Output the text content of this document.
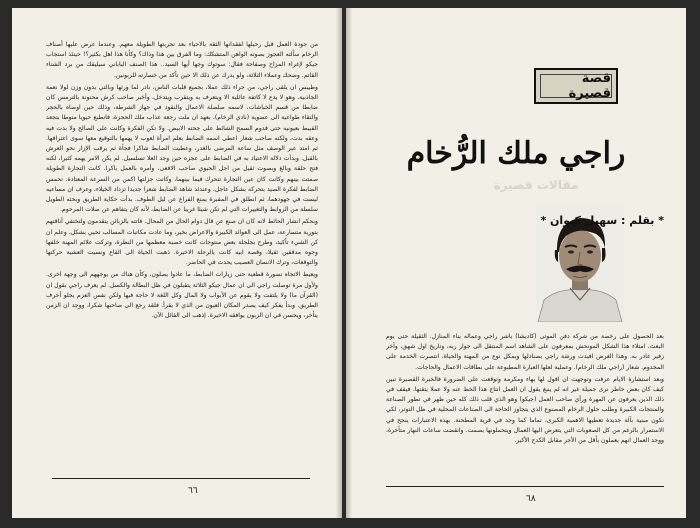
من جودة العمل قبل رحيلها لفقدانها الثقة بالاحياء بعد تجربتها الطويلة معهم. وعندما عرض عليها أصناف الرخام سألته العجوز بصوته الواهن المتشكك: وما الفرق بين هذا وذاك؟ وكأنا هذا اهل بكثير؟! حينئذ استجاب جيكو لإغراء المزاح وصفاحة فقال: سوتوك وجها أيها السيد.. هذا الصنف الياباني سيليقك من برد الشتاء القاتم. وضحك وعملاء الثلاثة، ولو يدرك عن ذلك الا حين تأكد من خسارته للزبونين.

وطيبس ان يلقى راجي، من جراء ذلك عملا، بجميع قلبات الناس، نادر لما ورثها وبالتي بدون وزن لولا نعمة الجاذبية. وهو لا يدع لا كاتفة عائلية الا ويتعرف به ويتقرب ويتدخل، وأخبر صاحب كرش محنونة بالترمس كان ضابطا من قسم الخباشات، لاسمه صلصلة الاعمال والنقود في جهاز الشرطة، وذلك حين اوصاه بالحجر والتقاء طواعية الى عضوية (نادي الرخام)، بعهد ان ملت رجعة عذاب ملك الحجزة، فانطبع حيويا منوطا بتجعد القبيط بعيونيه حتى قدوم السمح الشائط على جحته الابيض. ولا تكن الفكرة وكانت على الصالح ولا بدت فيه وعقه بدت، ولكنه صاحب شعار اعطى اسمه الضابط بعلم امرأة لعوب لا يهمها بالتوقيع معها سوى اعترافها. ثم امتد عبر الوصف مثل ساعة المرضى بالغدر، وعطيت الضابط شاكرا فجأة ثم يرقب الإزار نحو العرش بالقبل. وبدأت دلالة الاعتياد به في الضابط على عجزه حين وجد العلا تسلسيل. لم يكن الامر يهمه كثيرا، لكنه فتح حلقة وبالغ وبصوت ثقيل من اجل الحيوي صاحب الافعى، وأمره بالعمل باكرا. كانت التجارة الطويلة صمتت بينهم وكانت كان عين التجارة تتحرك فيما بينهما، وكانت جزلتها اكمن من السرعة المعتادة. تحمس الضابط لفكرة الصيد بتحركه بشكل عاجل، وعندئذ شاهد الضابط شعرا جديدا تزداد الخيلاء، وعرف ان مساعيه ليست في جهودهما، ثم انطلق في المقبرة يمنع الفراغ عن ليل الطوف. بدأت حكاية الطريق وبحثه الطويل سلسلة من الروابط والتغييرات التي لم تكن شيئا غريبا عن الضابط، لأنه كان يتفاهم عن صلات المرحوم.

وبحكم انشار الحائط لانه كان ان صنع عن قال دوام الحال من المحال. فاتته بالزبائن يتقدمون ولتختفي أناقتهم بتورية متسارعة، عمل الى العوائد الكبيرة والاعراض بخير، وما عادت مكاتبات المسالب تحيي بشكل، وعلم ان كن الشيء تأكيد، وطرح بجلجلة بعض منتوجات كانت خصبة معظمها من النظرة، وتركت علائم المهنة خلفها وجوه مدققين ثقيلا، وقصة ابيه كانت بالرحلة الاخيرة. ذهبت الحياة الى القاع ونسيت العشية حركتها والتوقعات، وترك الانسان العصيب يحدث في الحاضر.

ويعيط الاتجاه نصورة قطعية حتى زيارات الضابط، ما عادوا يصلون، وكأن هناك من يوجههم الى وجهة اخرى. ولأول مرة توصلت راجي الى ان عمال جيكو الثلاثة يتقبلون في ظل البطالة والكسل. لم يعرف راجي بقول ان (القرآن ما) ولا يلتفت ولا يقوم عن الأبواب ولا المال وكل اللغة لا حاجة فيها ولكن نفس العزم يجلو أحرف الطريق. وبدأ يفكر كيف يصدر المكان العيون من الذي لا يقرأ. فلقد رجع الى صاحبها شكرا، ووجد ان الزمن يتأخر، ويحسن في ان الزبون يوافقه الاخيرة. إذهب الى القائل الآن.

٦٦
قصة قصيرة
راجي ملك الرُّخام
مقالات قصيرة
* بقلم : سهيل كيوان *

بعد الحصول على رخصة من شركة دفن الموتى (كاديشا) باشر راجي وعماله بناء المنازل. الثقيلة حتى يوم البعث. امتلاء هذا الشكل المونحش بمعرفون على الشاهد اسم المنتقل الى جوار ربه، وتاريخ اول شهق، وآخر زفير غادر به. وهذا الغرض افيدت ورشة راجي بصنادلها وبمكل نوع من المهنة والحياة، انتصرت الخدمة على المخدوم. شعار (راجي ملك الرخام). وعملية لعلها العبارة المطبوعة على بطاقات الاعمال والحاجات.

وبعد استشارة الايام عرفت وتوجهت ان اقول لها بهاء ومكرمة وتوقعت على الضرورة فالخبرة القصيرة تبين كيف كان بعض خاطر نرى جميلة غير انه لم ينبغ يقول ان العمل انتاج هذا الخط عنه ولا عملا يتقنها. فيقف في ذلك الذين يعرفون عن المهرة ورأي صاحب العمل (جيكو) وهو الذي قلب ذلك كله حين ظهر في تطور الصناعة والمنتجات الكبيرة وطلب حلول الرخام المصنوع الذي يتجاوز الحاجة الى الصناعات المحلية في ظل التوتر، لكي تكون مبنية بآلة جديدة تعطيها الاهمية الكبرى، تماما كما وجد في قرية المطحنة. بهذه الاعتبارات ينجح في الاستمرار بالرغم من كل الصعوبات التي يتعرض اليها العمال ويتحملونها بصمت. وانقضت ساعات النهار متأخرة، ووجد العمال انهم يعملون بأقل من الأجر مقابل الكدح الأكبر.

٦٨
